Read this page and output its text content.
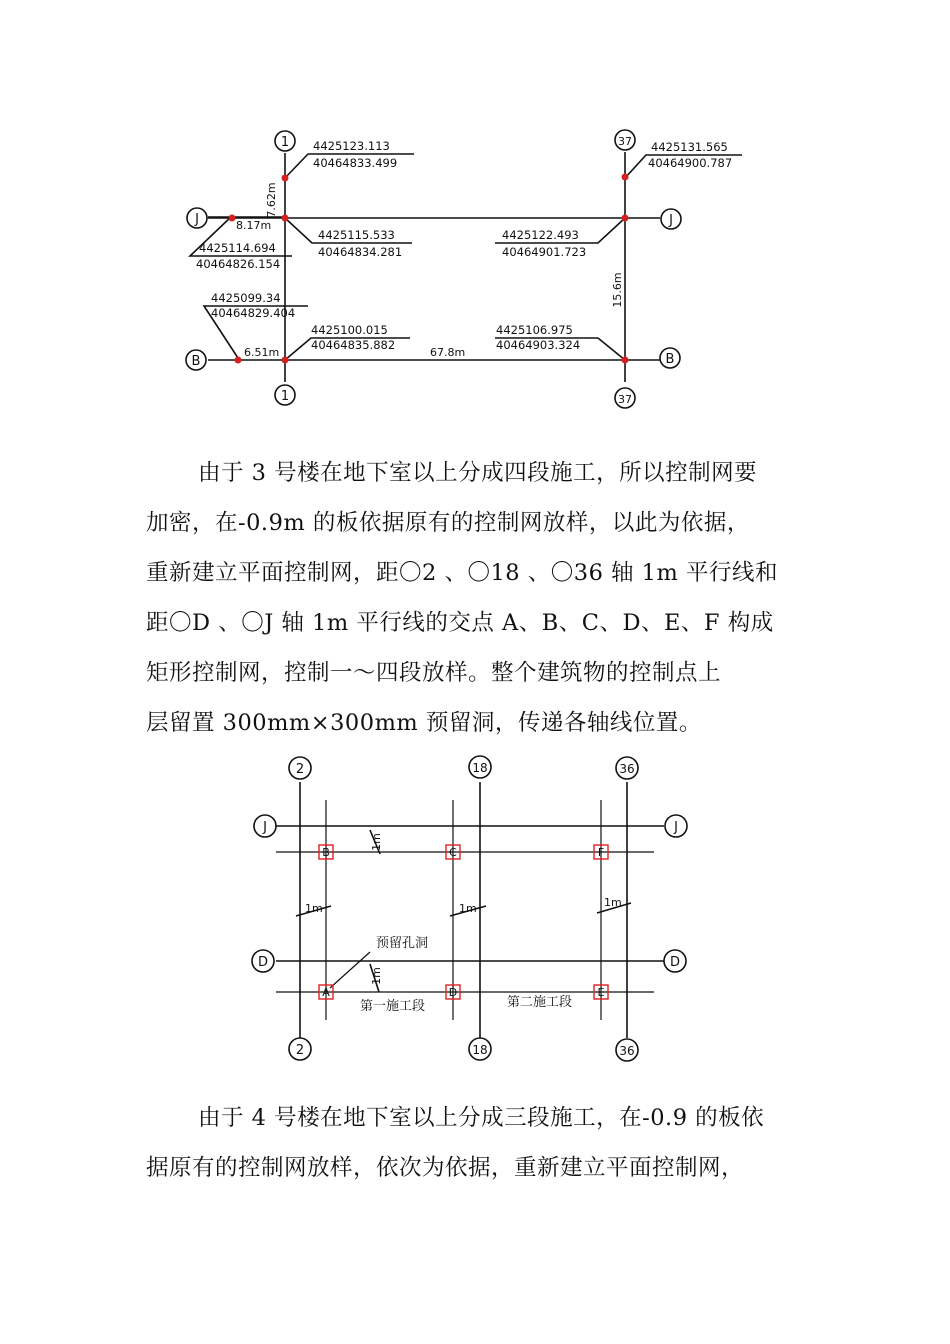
1
1
37
37
J	J
B	B
4425123.113
40464833.499
4425131.565
40464900.787
4425114.694
40464826.154
4425115.533
40464834.281
4425122.493
40464901.723
4425099.34
40464829.404
4425100.015
40464835.882
4425106.975
40464903.324
7.62m
8.17m
15.6m
6.51m	67.8m
由于 3 号楼在地下室以上分成四段施工，所以控制网要
加密，在-0.9m 的板依据原有的控制网放样，以此为依据，
重新建立平面控制网，距〇2 、〇18 、〇36 轴 1m 平行线和
距〇D 、〇J 轴 1m 平行线的交点 A、B、C、D、E、F 构成
矩形控制网，控制一～四段放样。整个建筑物的控制点上
层留置 300mm×300mm 预留洞，传递各轴线位置。
B	C	F
A	D	E
2
2
18
18
36
36
J	J
D	D
1m	1m	1m
1m
1m
预留孔洞
第一施工段	第二施工段
由于 4 号楼在地下室以上分成三段施工，在-0.9 的板依
据原有的控制网放样，依次为依据，重新建立平面控制网，
